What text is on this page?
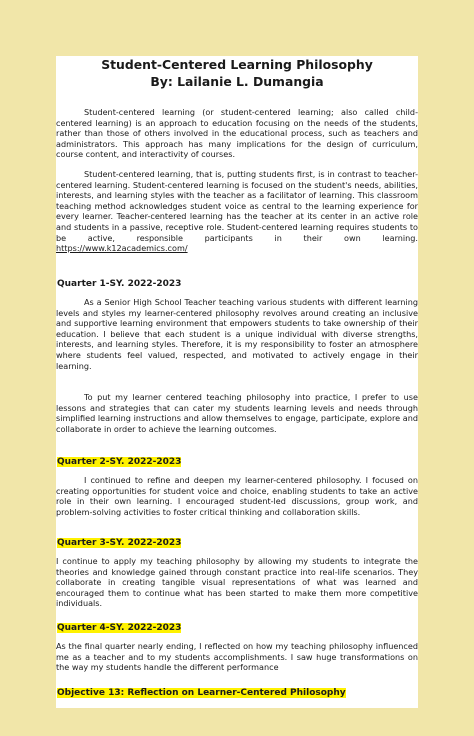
Student-Centered Learning Philosophy

By: Lailanie L. Dumangia

Student-centered learning (or student-centered learning; also called child-centered learning) is an approach to education focusing on the needs of the students, rather than those of others involved in the educational process, such as teachers and administrators. This approach has many implications for the design of curriculum, course content, and interactivity of courses.

Student-centered learning, that is, putting students first, is in contrast to teacher-centered learning. Student-centered learning is focused on the student's needs, abilities, interests, and learning styles with the teacher as a facilitator of learning. This classroom teaching method acknowledges student voice as central to the learning experience for every learner. Teacher-centered learning has the teacher at its center in an active role and students in a passive, receptive role. Student-centered learning requires students to be active, responsible participants in their own learning. https://www.k12academics.com/

Quarter 1-SY. 2022-2023

As a Senior High School Teacher teaching various students with different learning levels and styles my learner-centered philosophy revolves around creating an inclusive and supportive learning environment that empowers students to take ownership of their education. I believe that each student is a unique individual with diverse strengths, interests, and learning styles. Therefore, it is my responsibility to foster an atmosphere where students feel valued, respected, and motivated to actively engage in their learning.

To put my learner centered teaching philosophy into practice, I prefer to use lessons and strategies that can cater my students learning levels and needs through simplified learning instructions and allow themselves to engage, participate, explore and collaborate in order to achieve the learning outcomes.

Quarter 2-SY. 2022-2023

I continued to refine and deepen my learner-centered philosophy. I focused on creating opportunities for student voice and choice, enabling students to take an active role in their own learning. I encouraged student-led discussions, group work, and problem-solving activities to foster critical thinking and collaboration skills.

Quarter 3-SY. 2022-2023

I continue to apply my teaching philosophy by allowing my students to integrate the theories and knowledge gained through constant practice into real-life scenarios. They collaborate in creating tangible visual representations of what was learned and encouraged them to continue what has been started to make them more competitive individuals.

Quarter 4-SY. 2022-2023

As the final quarter nearly ending, I reflected on how my teaching philosophy influenced me as a teacher and to my students accomplishments. I saw huge transformations on the way my students handle the different performance

Objective 13: Reflection on Learner-Centered Philosophy
